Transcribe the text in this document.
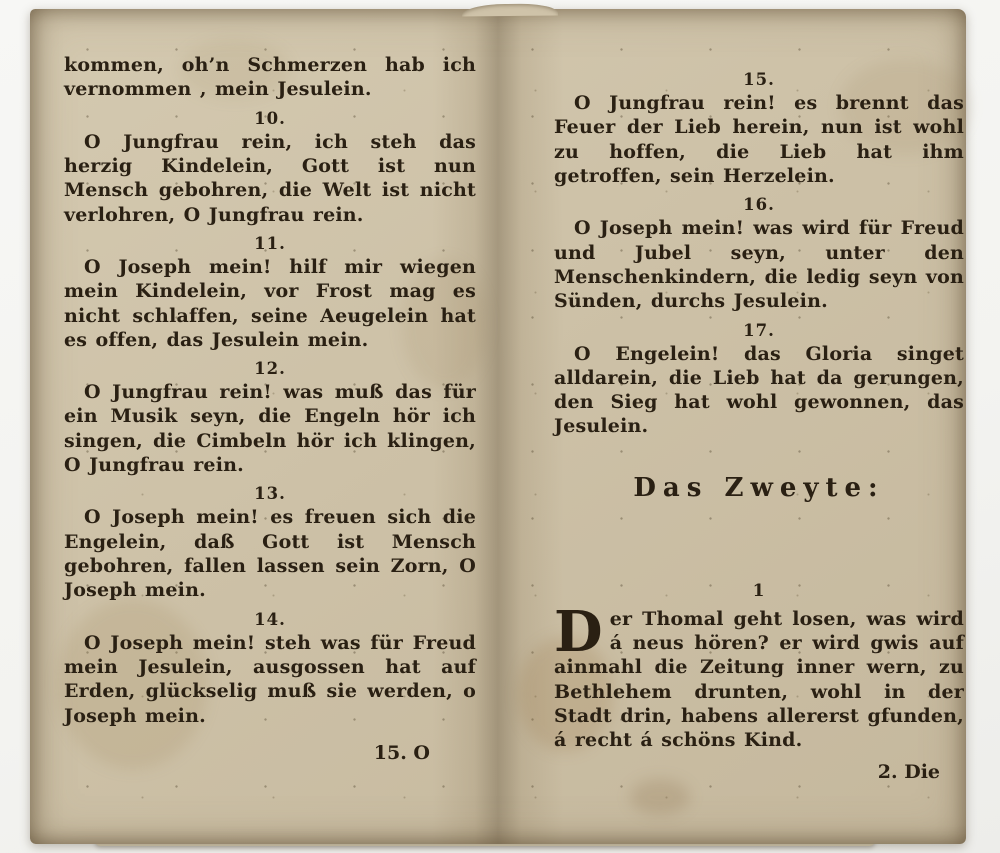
kommen, oh’n Schmerzen hab ich vernommen , mein Jesulein.

10.

O Jungfrau rein, ich steh das herzig Kindelein, Gott ist nun Mensch gebohren, die Welt ist nicht verlohren, O Jungfrau rein.

11.

O Joseph mein! hilf mir wiegen mein Kindelein, vor Frost mag es nicht schlaffen, seine Aeugelein hat es offen, das Jesulein mein.

12.

O Jungfrau rein! was muß das für ein Musik seyn, die Engeln hör ich singen, die Cimbeln hör ich klingen, O Jungfrau rein.

13.

O Joseph mein! es freuen sich die Engelein, daß Gott ist Mensch gebohren, fallen lassen sein Zorn, O Joseph mein.

14.

O Joseph mein! steh was für Freud mein Jesulein, ausgossen hat auf Erden, glückselig muß sie werden, o Joseph mein.

15. O
15.

O Jungfrau rein! es brennt das Feuer der Lieb herein, nun ist wohl zu hoffen, die Lieb hat ihm getroffen, sein Herzelein.

16.

O Joseph mein! was wird für Freud und Jubel seyn, unter den Menschenkindern, die ledig seyn von Sünden, durchs Jesulein.

17.

O Engelein! das Gloria singet alldarein, die Lieb hat da gerungen, den Sieg hat wohl gewonnen, das Jesulein.

Das Zweyte:
1

D er Thomal geht losen, was wird á neus hören? er wird gwis auf ainmahl die Zeitung inner wern, zu Bethlehem drunten, wohl in der Stadt drin, habens allererst gfunden, á recht á schöns Kind.

2. Die
